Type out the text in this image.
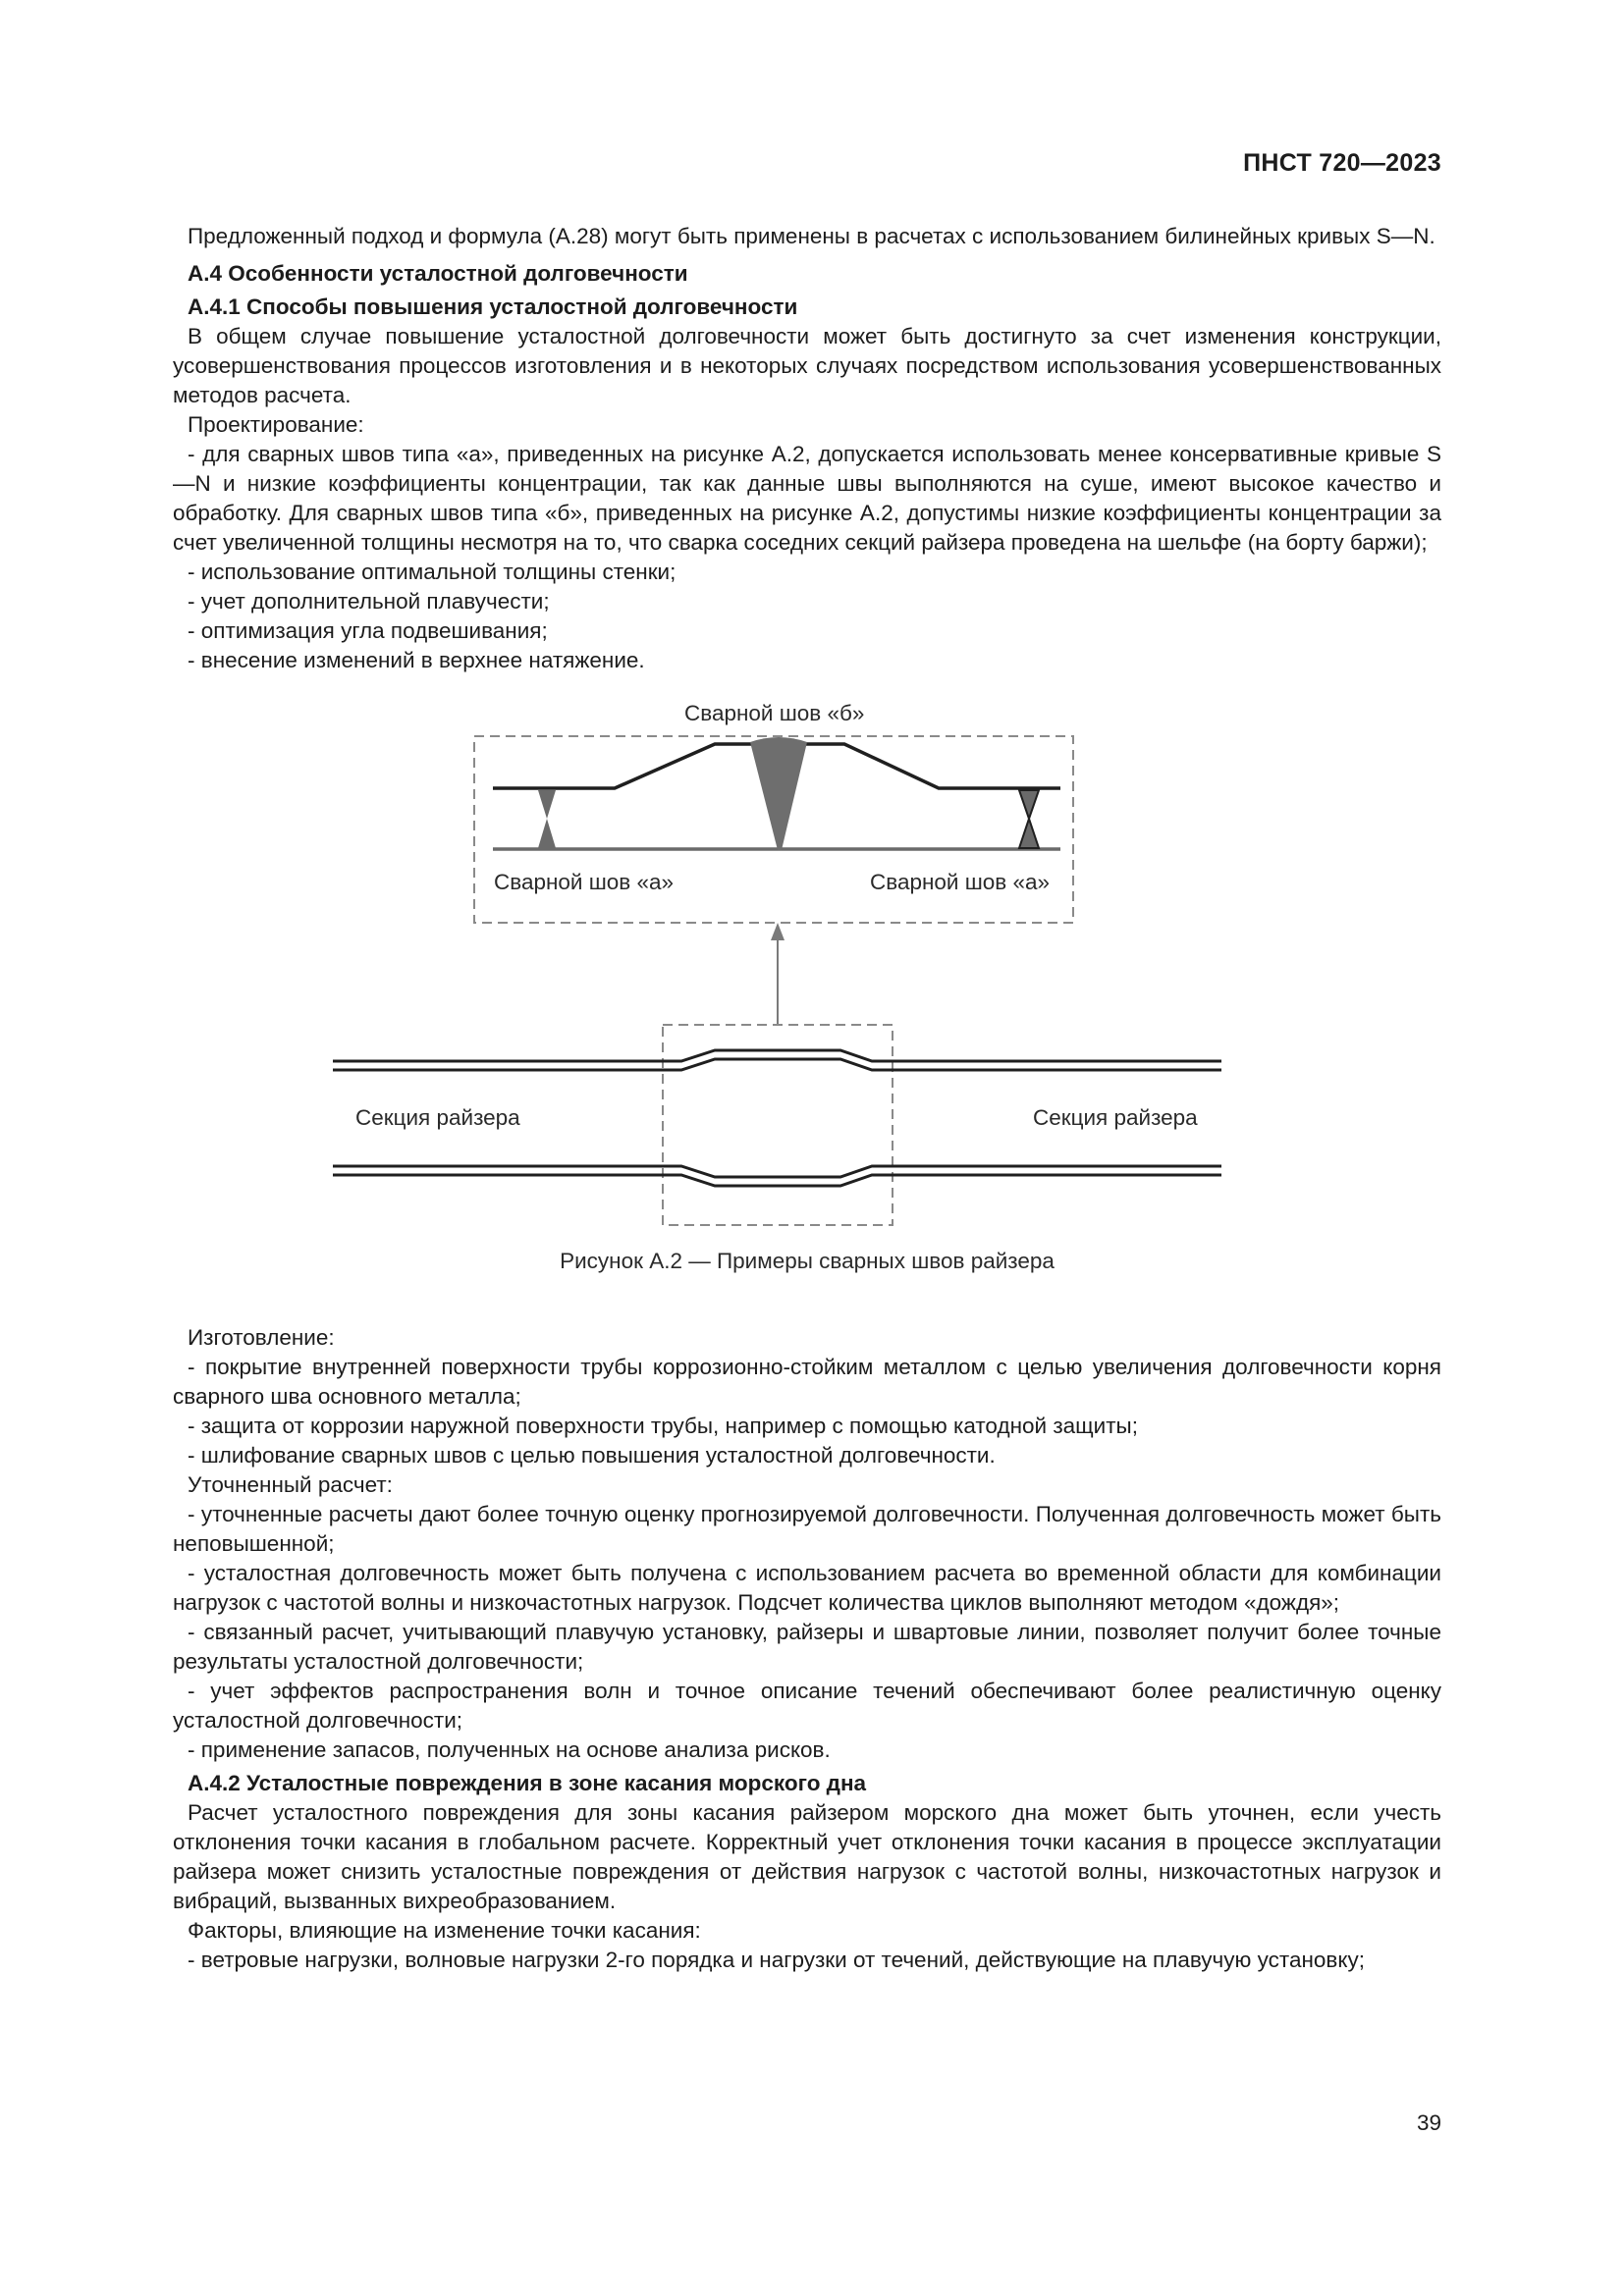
ПНСТ 720—2023

Предложенный подход и формула (А.28) могут быть применены в расчетах с использованием билинейных кривых S—N.

А.4 Особенности усталостной долговечности

А.4.1 Способы повышения усталостной долговечности

В общем случае повышение усталостной долговечности может быть достигнуто за счет изменения конструкции, усовершенствования процессов изготовления и в некоторых случаях посредством использования усовершенствованных методов расчета.

Проектирование:

- для сварных швов типа «а», приведенных на рисунке А.2, допускается использовать менее консервативные кривые S—N и низкие коэффициенты концентрации, так как данные швы выполняются на суше, имеют высокое качество и обработку. Для сварных швов типа «б», приведенных на рисунке А.2, допустимы низкие коэффициенты концентрации за счет увеличенной толщины несмотря на то, что сварка соседних секций райзера проведена на шельфе (на борту баржи);

- использование оптимальной толщины стенки;

- учет дополнительной плавучести;

- оптимизация угла подвешивания;

- внесение изменений в верхнее натяжение.

Сварной шов «б»
Сварной шов «а»	Сварной шов «а»
Секция райзера	Секция райзера
Рисунок А.2 — Примеры сварных швов райзера

Изготовление:

- покрытие внутренней поверхности трубы коррозионно-стойким металлом с целью увеличения долговечности корня сварного шва основного металла;

- защита от коррозии наружной поверхности трубы, например с помощью катодной защиты;

- шлифование сварных швов с целью повышения усталостной долговечности.

Уточненный расчет:

- уточненные расчеты дают более точную оценку прогнозируемой долговечности. Полученная долговечность может быть неповышенной;

- усталостная долговечность может быть получена с использованием расчета во временной области для комбинации нагрузок с частотой волны и низкочастотных нагрузок. Подсчет количества циклов выполняют методом «дождя»;

- связанный расчет, учитывающий плавучую установку, райзеры и швартовые линии, позволяет получит более точные результаты усталостной долговечности;

- учет эффектов распространения волн и точное описание течений обеспечивают более реалистичную оценку усталостной долговечности;

- применение запасов, полученных на основе анализа рисков.

А.4.2 Усталостные повреждения в зоне касания морского дна

Расчет усталостного повреждения для зоны касания райзером морского дна может быть уточнен, если учесть отклонения точки касания в глобальном расчете. Корректный учет отклонения точки касания в процессе эксплуатации райзера может снизить усталостные повреждения от действия нагрузок с частотой волны, низкочастотных нагрузок и вибраций, вызванных вихреобразованием.

Факторы, влияющие на изменение точки касания:

- ветровые нагрузки, волновые нагрузки 2-го порядка и нагрузки от течений, действующие на плавучую установку;

39
